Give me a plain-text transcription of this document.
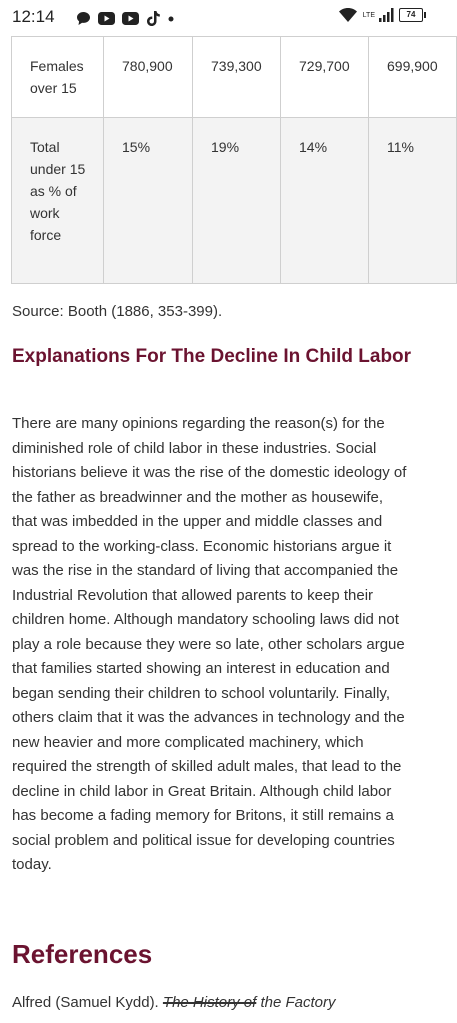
12:14	LTE	74
Females over 15	780,900	739,300	729,700	699,900
Total under 15 as % of work force	15%	19%	14%	11%
Source: Booth (1886, 353-399).
Explanations For The Decline In Child Labor
There are many opinions regarding the reason(s) for the diminished role of child labor in these industries. Social historians believe it was the rise of the domestic ideology of the father as breadwinner and the mother as housewife, that was imbedded in the upper and middle classes and spread to the working-class. Economic historians argue it was the rise in the standard of living that accompanied the Industrial Revolution that allowed parents to keep their children home. Although mandatory schooling laws did not play a role because they were so late, other scholars argue that families started showing an interest in education and began sending their children to school voluntarily. Finally, others claim that it was the advances in technology and the new heavier and more complicated machinery, which required the strength of skilled adult males, that lead to the decline in child labor in Great Britain. Although child labor has become a fading memory for Britons, it still remains a social problem and political issue for developing countries today.
References
Alfred (Samuel Kydd). The History of the Factory
